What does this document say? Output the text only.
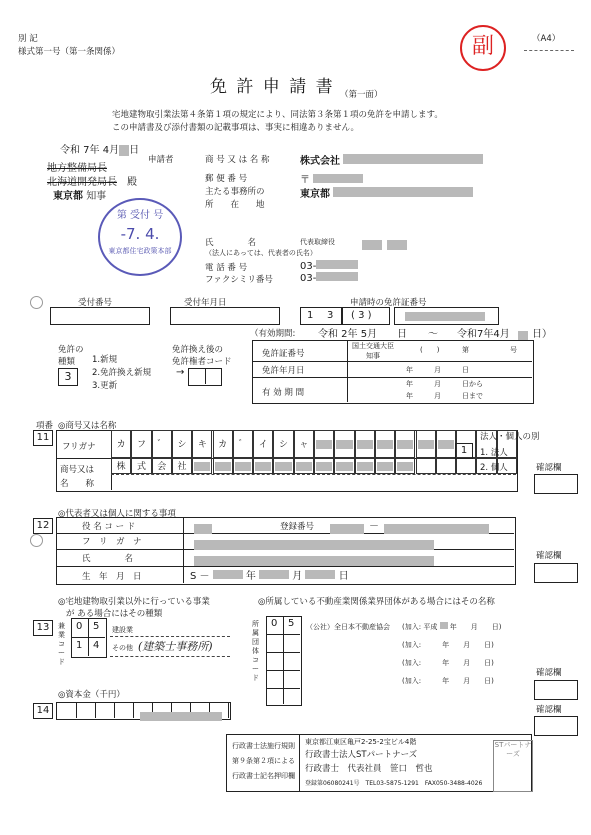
別 記
様式第一号（第一条関係）	副	（A4）
免 許 申 請 書 （第一面）
宅地建物取引業法第４条第１項の規定により、同法第３条第１項の免許を申請します。
この申請書及び添付書類の記載事項は、事実に相違ありません。
令和 7年 4月 日
地方整備局長
北海道開発局長 殿
東京都 知事
第 受付 号
-7. 4.
東京都住宅政策本部
申請者	商 号 又 は 名 称	株式会社
郵 便 番 号	〒
主たる事務所の
所　　在　　地
東京都
氏　　　　名	代表取締役

（法人にあっては、代表者の氏名）
電 話 番 号	03-
ファクシミリ番号	03-
受付番号	受付年月日	申請時の免許証番号
1 3 ( 3 )
（有効期間: 令和 2年 5月 日 ～ 令和7年4月 日）
免許の
種類
3
1.新規
2.免許換え新規
3.更新
免許換え後の
免許権者コード
→
免許証番号
国土交通大臣
知事
(　　)	第	号
免許年月日	年　　　月　　　日
有 効 期 間
年　　　月　　　日から
年　　　月　　　日まで
項番 ◎商号又は名称
11
フリガナ	カ	フ	゛	シ	キ	カ	゛	イ	シ	ャ
商号又は
名　　称
株	式	会	社
法人・個人の別
1	1. 法人
2. 個人	確認欄
◎代表者又は個人に関する事項
12	役 名 コ ー ド	登録番号	－
フ　リ　ガ　ナ
氏　　　　名
生　年　月　日	S －	年	月	日
確認欄
◎宅地建物取引業以外に行っている事業
が ある場合にはその種類
◎所属している不動産業関係業界団体がある場合にはその名称
13	兼業コード
0 5
1 4
建設業
その他 (建築士事務所)
所属団体コード
0 5 （公社）全日本不動産協会 (加入: 平成 年　　月　　日)
(加入:　　　年　　月　　日)
(加入:　　　年　　月　　日)
(加入:　　　年　　月　　日)
確認欄
◎資本金（千円）
14	確認欄
行政書士法施行規則
第９条第２項による
行政書士記名押印欄
東京都江東区亀戸2-25-2宝ビル4階
行政書士法人STパートナーズ
行政書士　代表社員　笹口　哲也
登録第06080241号　TEL03-5875-1291　FAX050-3488-4026
STパートナーズ
